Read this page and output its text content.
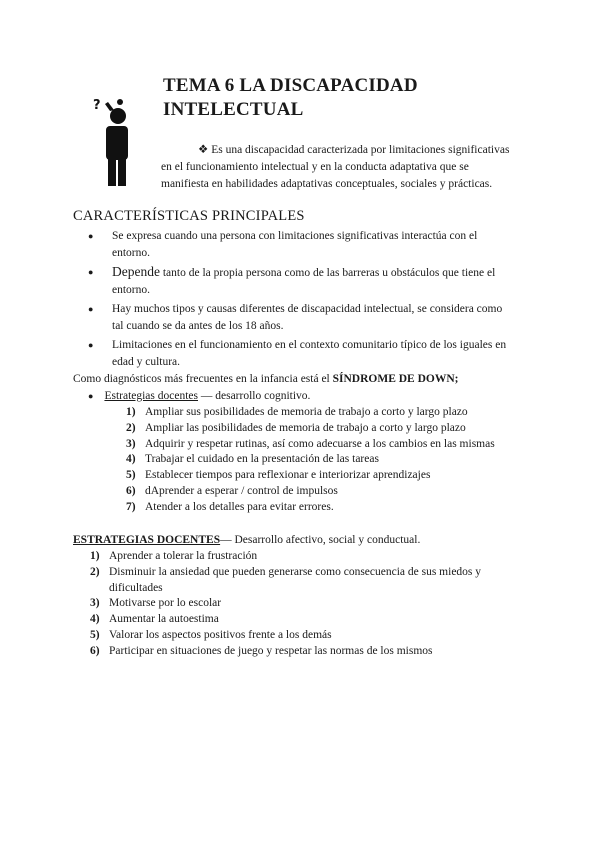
TEMA 6 LA DISCAPACIDAD
INTELECTUAL
?
❖ Es una discapacidad caracterizada por limitaciones significativas
en el funcionamiento intelectual y en la conducta adaptativa que se
manifiesta en habilidades adaptativas conceptuales, sociales y prácticas.
CARACTERÍSTICAS PRINCIPALES
● Se expresa cuando una persona con limitaciones significativas interactúa con el
entorno.
● Depende tanto de la propia persona como de las barreras u obstáculos que tiene el
entorno.
● Hay muchos tipos y causas diferentes de discapacidad intelectual, se considera como
tal cuando se da antes de los 18 años.
● Limitaciones en el funcionamiento en el contexto comunitario típico de los iguales en
edad y cultura.
Como diagnósticos más frecuentes en la infancia está el SÍNDROME DE DOWN;
● Estrategias docentes — desarrollo cognitivo.
1) Ampliar sus posibilidades de memoria de trabajo a corto y largo plazo
2) Ampliar las posibilidades de memoria de trabajo a corto y largo plazo
3) Adquirir y respetar rutinas, así como adecuarse a los cambios en las mismas
4) Trabajar el cuidado en la presentación de las tareas
5) Establecer tiempos para reflexionar e interiorizar aprendizajes
6) dAprender a esperar / control de impulsos
7) Atender a los detalles para evitar errores.
ESTRATEGIAS DOCENTES— Desarrollo afectivo, social y conductual.
1) Aprender a tolerar la frustración
2) Disminuir la ansiedad que pueden generarse como consecuencia de sus miedos y
dificultades
3) Motivarse por lo escolar
4) Aumentar la autoestima
5) Valorar los aspectos positivos frente a los demás
6) Participar en situaciones de juego y respetar las normas de los mismos
